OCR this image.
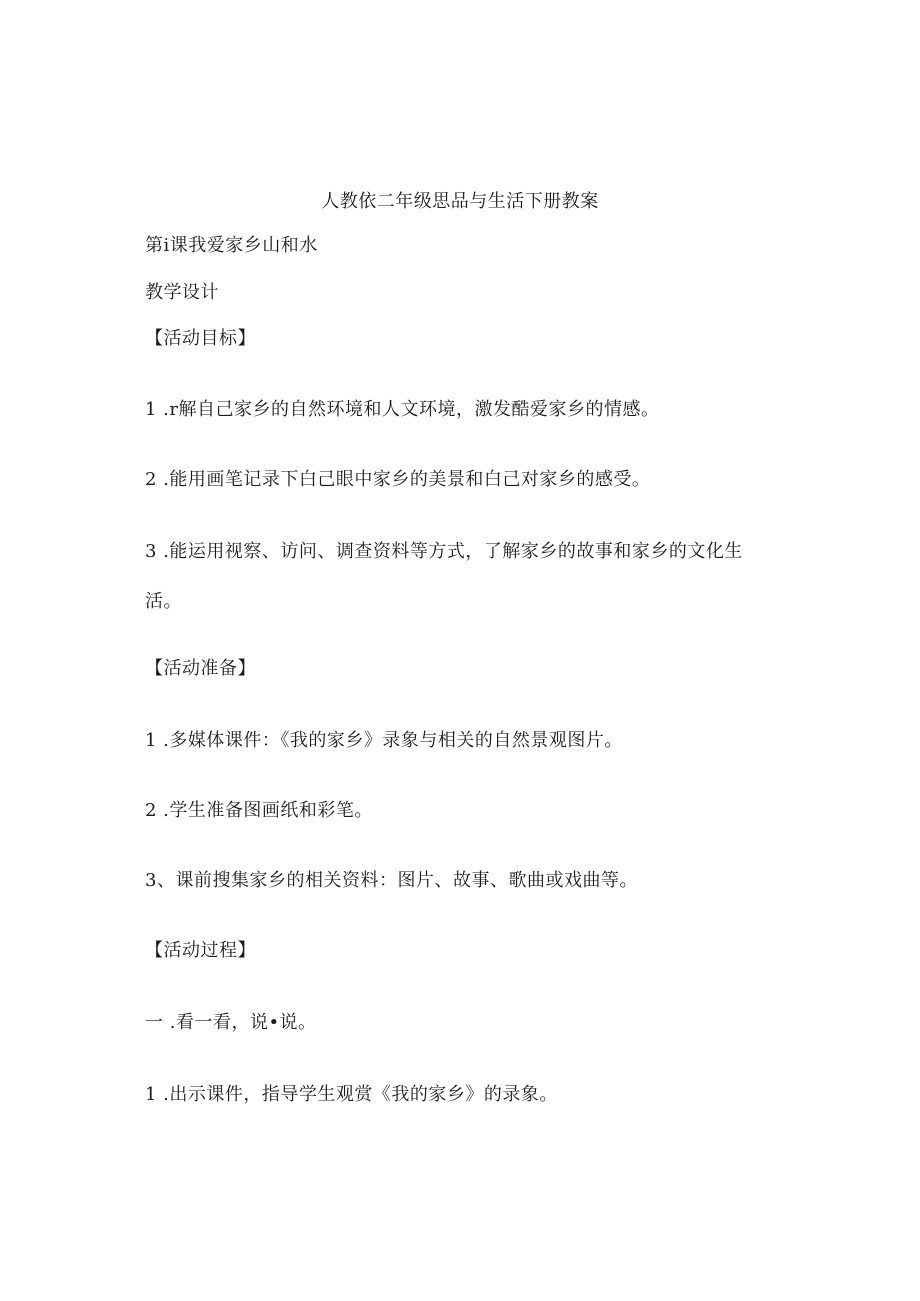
人教依二年级思品与生活下册教案
第i课我爱家乡山和水
教学设计
【活动目标】
1 .r解自己家乡的自然环境和人文环境，激发酷爱家乡的情感。
2 .能用画笔记录下白己眼中家乡的美景和白己对家乡的感受。
3 .能运用视察、访问、调查资料等方式，了解家乡的故事和家乡的文化生
活。
【活动准备】
1 .多媒体课件：《我的家乡》录象与相关的自然景观图片。
2 .学生准备图画纸和彩笔。
3、课前搜集家乡的相关资料：图片、故事、歌曲或戏曲等。
【活动过程】
一 .看一看，说•说。
1 .出示课件，指导学生观赏《我的家乡》的录象。
